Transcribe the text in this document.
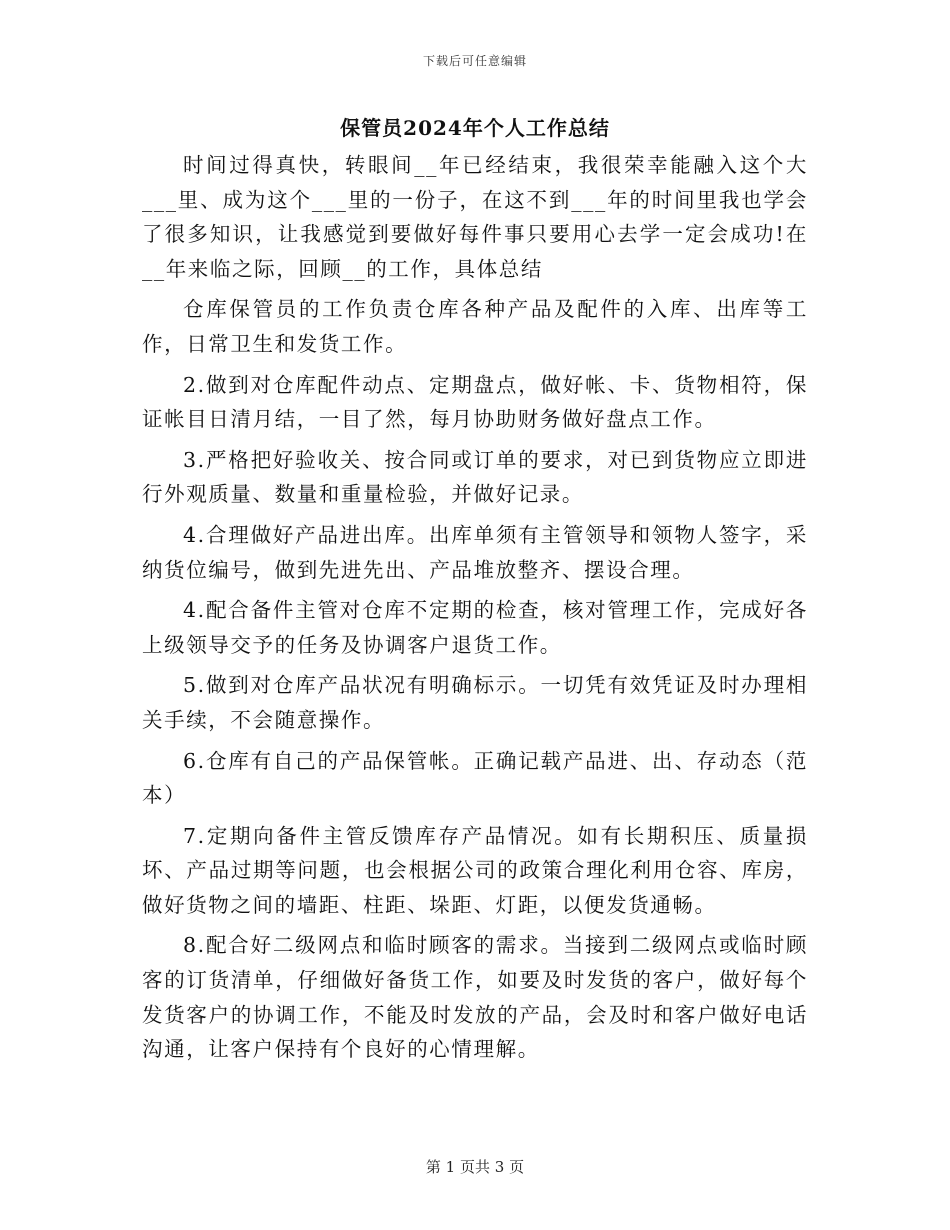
下载后可任意编辑
保管员2024年个人工作总结

时间过得真快，转眼间__年已经结束，我很荣幸能融入这个大___里、成为这个___里的一份子，在这不到___年的时间里我也学会了很多知识，让我感觉到要做好每件事只要用心去学一定会成功!在__年来临之际，回顾__的工作，具体总结

仓库保管员的工作负责仓库各种产品及配件的入库、出库等工作，日常卫生和发货工作。

2.做到对仓库配件动点、定期盘点，做好帐、卡、货物相符，保证帐目日清月结，一目了然，每月协助财务做好盘点工作。

3.严格把好验收关、按合同或订单的要求，对已到货物应立即进行外观质量、数量和重量检验，并做好记录。

4.合理做好产品进出库。出库单须有主管领导和领物人签字，采纳货位编号，做到先进先出、产品堆放整齐、摆设合理。

4.配合备件主管对仓库不定期的检查，核对管理工作，完成好各上级领导交予的任务及协调客户退货工作。

5.做到对仓库产品状况有明确标示。一切凭有效凭证及时办理相关手续，不会随意操作。

6.仓库有自己的产品保管帐。正确记载产品进、出、存动态（范本）

7.定期向备件主管反馈库存产品情况。如有长期积压、质量损坏、产品过期等问题，也会根据公司的政策合理化利用仓容、库房，做好货物之间的墙距、柱距、垛距、灯距，以便发货通畅。

8.配合好二级网点和临时顾客的需求。当接到二级网点或临时顾客的订货清单，仔细做好备货工作，如要及时发货的客户，做好每个发货客户的协调工作，不能及时发放的产品，会及时和客户做好电话沟通，让客户保持有个良好的心情理解。

第 1 页共 3 页
